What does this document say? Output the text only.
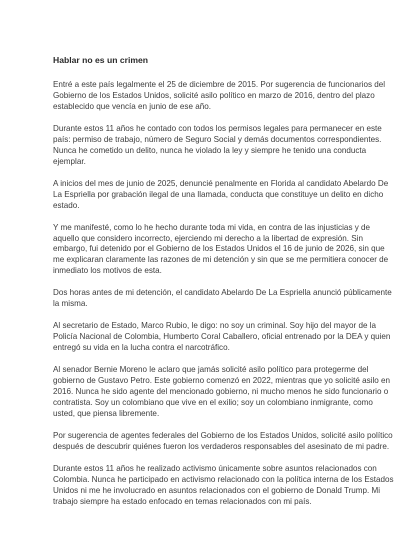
Hablar no es un crimen

Entré a este país legalmente el 25 de diciembre de 2015. Por sugerencia de funcionarios del Gobierno de los Estados Unidos, solicité asilo político en marzo de 2016, dentro del plazo establecido que vencía en junio de ese año.

Durante estos 11 años he contado con todos los permisos legales para permanecer en este país: permiso de trabajo, número de Seguro Social y demás documentos correspondientes. Nunca he cometido un delito, nunca he violado la ley y siempre he tenido una conducta ejemplar.

A inicios del mes de junio de 2025, denuncié penalmente en Florida al candidato Abelardo De La Espriella por grabación ilegal de una llamada, conducta que constituye un delito en dicho estado.

Y me manifesté, como lo he hecho durante toda mi vida, en contra de las injusticias y de aquello que considero incorrecto, ejerciendo mi derecho a la libertad de expresión. Sin embargo, fui detenido por el Gobierno de los Estados Unidos el 16 de junio de 2026, sin que me explicaran claramente las razones de mi detención y sin que se me permitiera conocer de inmediato los motivos de esta.

Dos horas antes de mi detención, el candidato Abelardo De La Espriella anunció públicamente la misma.

Al secretario de Estado, Marco Rubio, le digo: no soy un criminal. Soy hijo del mayor de la Policía Nacional de Colombia, Humberto Coral Caballero, oficial entrenado por la DEA y quien entregó su vida en la lucha contra el narcotráfico.

Al senador Bernie Moreno le aclaro que jamás solicité asilo político para protegerme del gobierno de Gustavo Petro. Este gobierno comenzó en 2022, mientras que yo solicité asilo en 2016. Nunca he sido agente del mencionado gobierno, ni mucho menos he sido funcionario o contratista. Soy un colombiano que vive en el exilio; soy un colombiano inmigrante, como usted, que piensa libremente.

Por sugerencia de agentes federales del Gobierno de los Estados Unidos, solicité asilo político después de descubrir quiénes fueron los verdaderos responsables del asesinato de mi padre.

Durante estos 11 años he realizado activismo únicamente sobre asuntos relacionados con Colombia. Nunca he participado en activismo relacionado con la política interna de los Estados Unidos ni me he involucrado en asuntos relacionados con el gobierno de Donald Trump. Mi trabajo siempre ha estado enfocado en temas relacionados con mi país.
